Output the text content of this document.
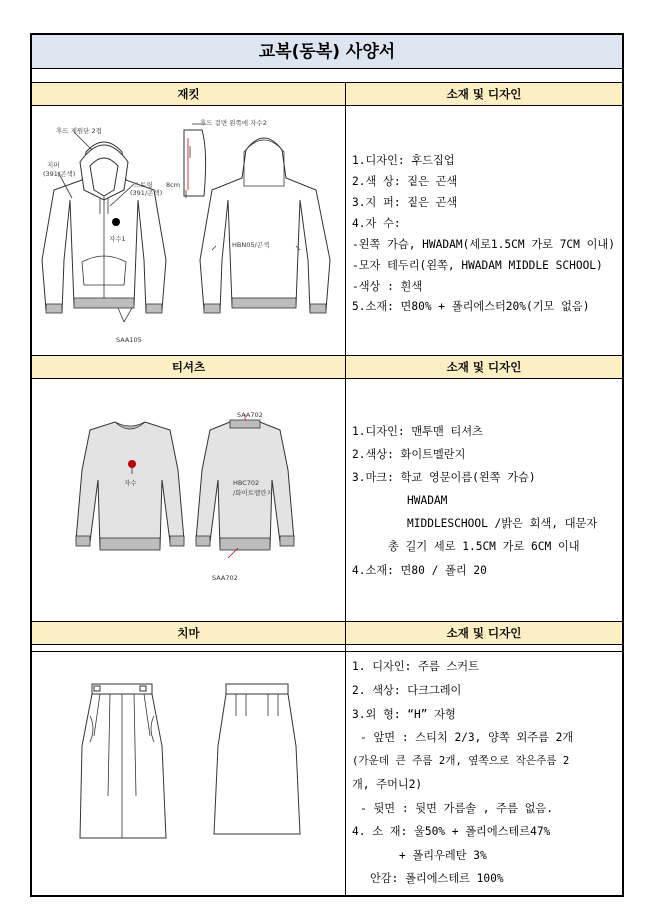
교복(동복) 사양서
재킷	소재 및 디자인
후드 제원단 2겹
지퍼
(391/곤색)
스트링
(391/곤색)
자수1
SAA105
후드 겉면 왼쪽에 자수2
8cm
HBN05/곤색
1.디자인: 후드집업
2.색 상: 짙은 곤색
3.지 퍼: 짙은 곤색
4.자 수:
-왼쪽 가슴, HWADAM(세로1.5CM 가로 7CM 이내)
-모자 테두리(왼쪽, HWADAM MIDDLE SCHOOL)
-색상 : 흰색
5.소재: 면80% + 폴리에스터20%(기모 없음)
티셔츠	소재 및 디자인
자수
SAA702
HBC702
/화이트멜란지
SAA702
1.디자인: 맨투맨 티셔츠
2.색상: 화이트멜란지
3.마크: 학교 영문이름(왼쪽 가슴)
HWADAM
MIDDLESCHOOL /밝은 회색, 대문자
총 길기 세로 1.5CM 가로 6CM 이내
4.소재: 면80 / 폴리 20
치마	소재 및 디자인
1. 디자인: 주름 스커트
2. 색상: 다크그레이
3.외 형: “H” 자형
- 앞면 : 스티치 2/3, 양쪽 외주름 2개
(가운데 큰 주름 2개, 옆쪽으로 작은주름 2
개, 주머니2)
- 뒷면 : 뒷면 가름솔 , 주름 없음.
4. 소 재: 울50% + 폴리에스테르47%
+ 폴리우레탄 3%
안감: 폴리에스테르 100%
